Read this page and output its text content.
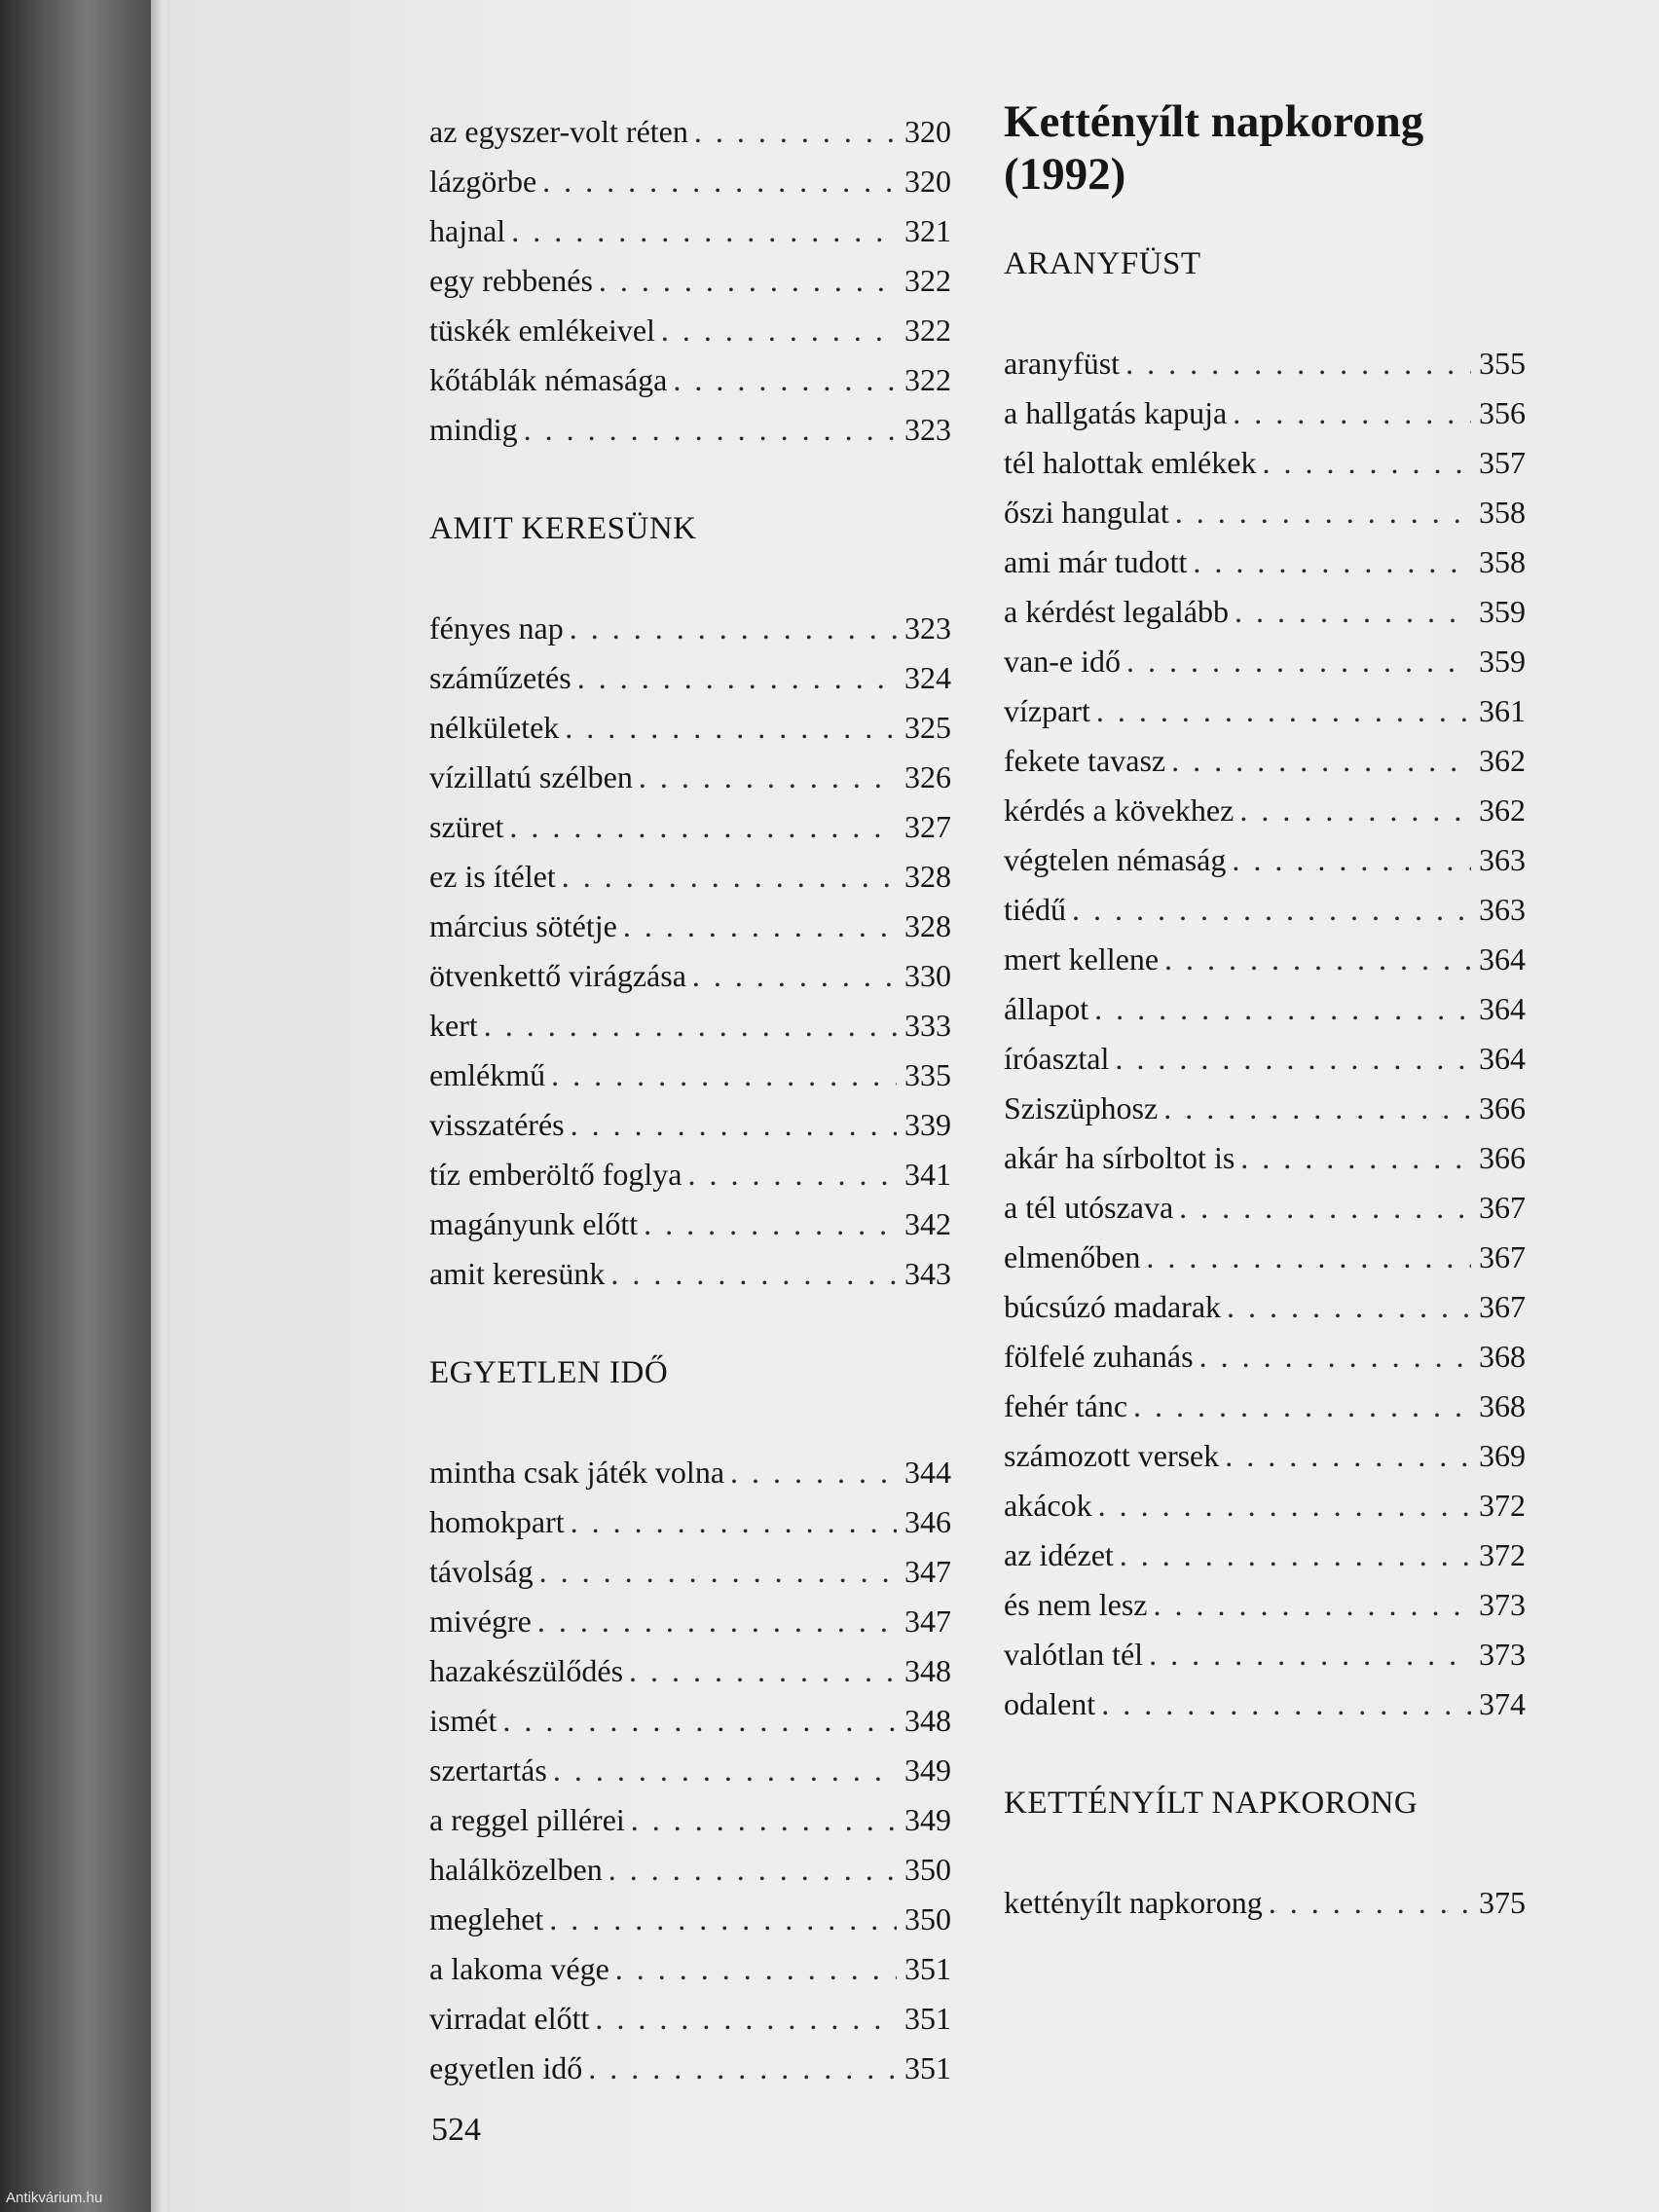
az egyszer-volt réten . . .	320
lázgörbe . . .	320
hajnal . . .	321
egy rebbenés . . .	322
tüskék emlékeivel . . .	322
kőtáblák némasága . . .	322
mindig . . .	323
AMIT KERESÜNK
fényes nap . . .	323
száműzetés . . .	324
nélkületek . . .	325
vízillatú szélben . . .	326
szüret . . .	327
ez is ítélet . . .	328
március sötétje . . .	328
ötvenkettő virágzása . . .	330
kert . . .	333
emlékmű . . .	335
visszatérés . . .	339
tíz emberöltő foglya . . .	341
magányunk előtt . . .	342
amit keresünk . . .	343
EGYETLEN IDŐ
mintha csak játék volna . . .	344
homokpart . . .	346
távolság . . .	347
mivégre . . .	347
hazakészülődés . . .	348
ismét . . .	348
szertartás . . .	349
a reggel pillérei . . .	349
halálközelben . . .	350
meglehet . . .	350
a lakoma vége . . .	351
virradat előtt . . .	351
egyetlen idő . . .	351
Kettényílt napkorong
(1992)
ARANYFÜST
aranyfüst . . .	355
a hallgatás kapuja . . .	356
tél halottak emlékek . . .	357
őszi hangulat . . .	358
ami már tudott . . .	358
a kérdést legalább . . .	359
van-e idő . . .	359
vízpart . . .	361
fekete tavasz . . .	362
kérdés a kövekhez . . .	362
végtelen némaság . . .	363
tiédű . . .	363
mert kellene . . .	364
állapot . . .	364
íróasztal . . .	364
Sziszüphosz . . .	366
akár ha sírboltot is . . .	366
a tél utószava . . .	367
elmenőben . . .	367
búcsúzó madarak . . .	367
fölfelé zuhanás . . .	368
fehér tánc . . .	368
számozott versek . . .	369
akácok . . .	372
az idézet . . .	372
és nem lesz . . .	373
valótlan tél . . .	373
odalent . . .	374
KETTÉNYÍLT NAPKORONG
kettényílt napkorong . . .	375
524
Antikvárium.hu
